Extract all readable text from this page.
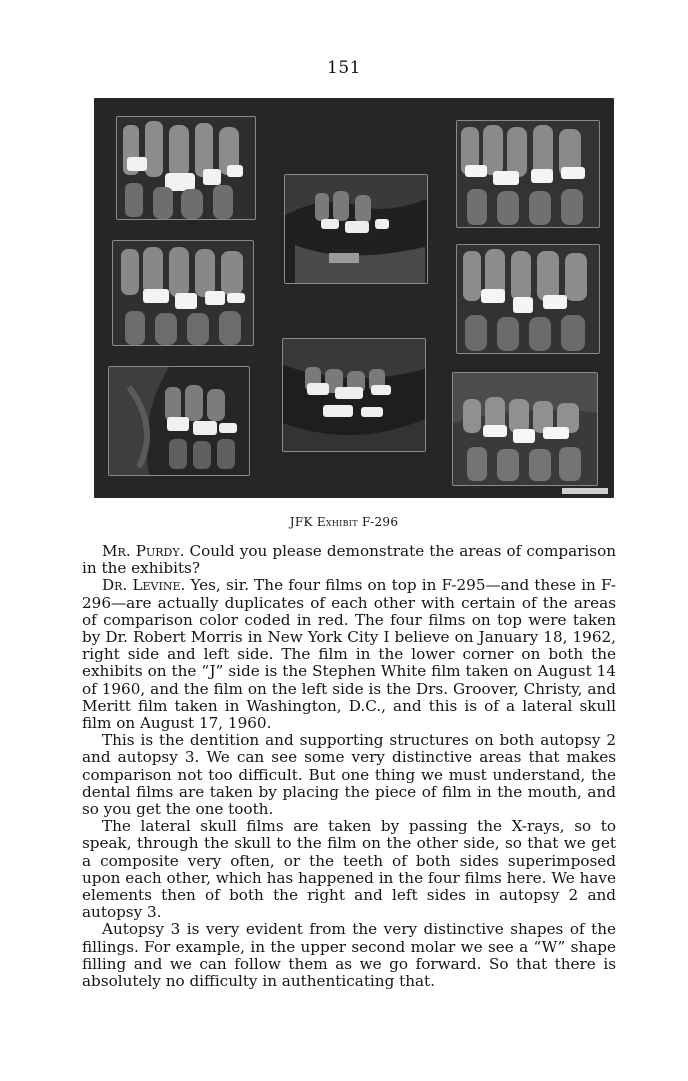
151
JFK Exhibit F-296

Mr. Purdy. Could you please demonstrate the areas of comparison in the exhibits?

Dr. Levine. Yes, sir. The four films on top in F-295—and these in F-296—are actually duplicates of each other with certain of the areas of comparison color coded in red. The four films on top were taken by Dr. Robert Morris in New York City I believe on January 18, 1962, right side and left side. The film in the lower corner on both the exhibits on the “J” side is the Stephen White film taken on August 14 of 1960, and the film on the left side is the Drs. Groover, Christy, and Meritt film taken in Washington, D.C., and this is of a lateral skull film on August 17, 1960.

This is the dentition and supporting structures on both autopsy 2 and autopsy 3. We can see some very distinctive areas that makes comparison not too difficult. But one thing we must understand, the dental films are taken by placing the piece of film in the mouth, and so you get the one tooth.

The lateral skull films are taken by passing the X-rays, so to speak, through the skull to the film on the other side, so that we get a composite very often, or the teeth of both sides superimposed upon each other, which has happened in the four films here. We have elements then of both the right and left sides in autopsy 2 and autopsy 3.

Autopsy 3 is very evident from the very distinctive shapes of the fillings. For example, in the upper second molar we see a “W” shape filling and we can follow them as we go forward. So that there is absolutely no difficulty in authenticating that.
